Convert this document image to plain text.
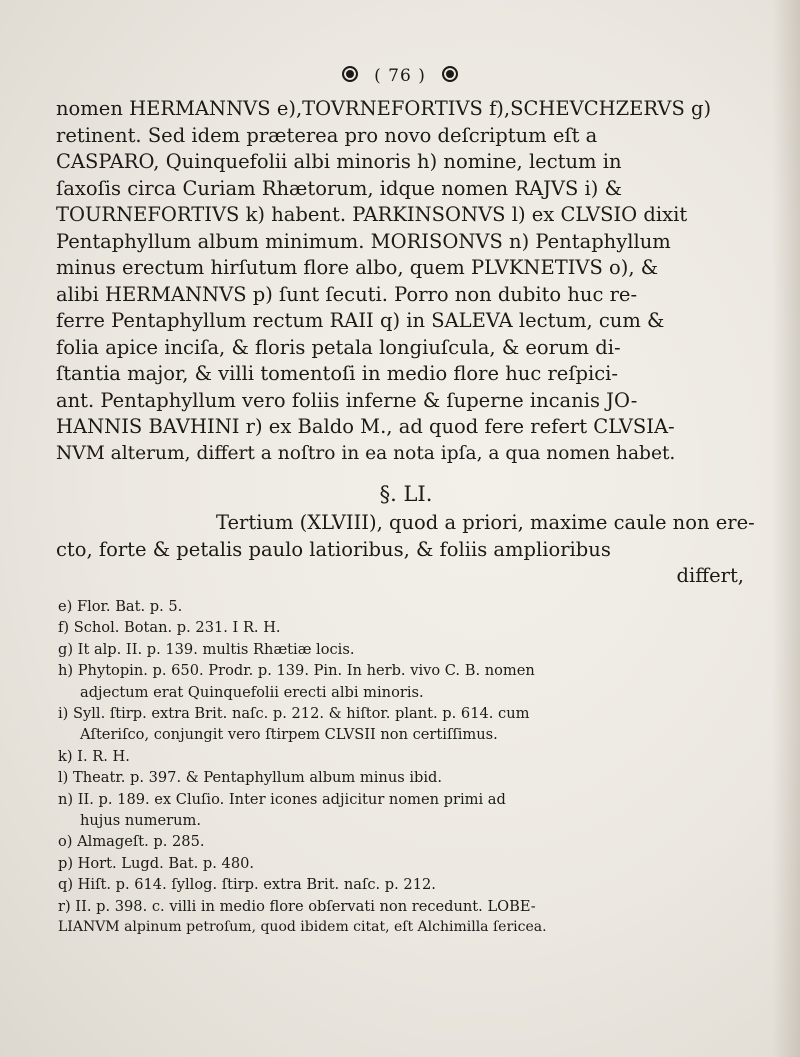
( 76 )
nomen HERMANNVS e),TOVRNEFORTIVS f),SCHEVCHZERVS g)
retinent. Sed idem præterea pro novo deſcriptum eſt a
CASPARO, Quinquefolii albi minoris h) nomine, lectum in
ſaxoſis circa Curiam Rhætorum, idque nomen RAJVS i) &
TOURNEFORTIVS k) habent. PARKINSONVS l) ex CLVSIO dixit
Pentaphyllum album minimum. MORISONVS n) Pentaphyllum
minus erectum hirſutum flore albo, quem PLVKNETIVS o), &
alibi HERMANNVS p) ſunt ſecuti. Porro non dubito huc re-
ferre Pentaphyllum rectum RAII q) in SALEVA lectum, cum &
folia apice inciſa, & floris petala longiuſcula, & eorum di-
ſtantia major, & villi tomentoſi in medio flore huc reſpici-
ant. Pentaphyllum vero foliis inferne & ſuperne incanis JO-
HANNIS BAVHINI r) ex Baldo M., ad quod fere refert CLVSIA-
NVM alterum, differt a noſtro in ea nota ipſa, a qua nomen habet.
§. LI.
Tertium (XLVIII), quod a priori, maxime caule non ere-
cto, forte & petalis paulo latioribus, & foliis amplioribus
differt,
e) Flor. Bat. p. 5.
f) Schol. Botan. p. 231. I R. H.
g) It alp. II. p. 139. multis Rhætiæ locis.
h) Phytopin. p. 650. Prodr. p. 139. Pin. In herb. vivo C. B. nomen
adjectum erat Quinquefolii erecti albi minoris.
i) Syll. ſtirp. extra Brit. naſc. p. 212. & hiſtor. plant. p. 614. cum
Aſteriſco, conjungit vero ſtirpem CLVSII non certiſſimus.
k) I. R. H.
l) Theatr. p. 397. & Pentaphyllum album minus ibid.
n) II. p. 189. ex Cluſio. Inter icones adjicitur nomen primi ad
hujus numerum.
o) Almageſt. p. 285.
p) Hort. Lugd. Bat. p. 480.
q) Hiſt. p. 614. ſyllog. ſtirp. extra Brit. naſc. p. 212.
r) II. p. 398. c. villi in medio flore obſervati non recedunt. LOBE-
LIANVM alpinum petroſum, quod ibidem citat, eſt Alchimilla ſericea.
